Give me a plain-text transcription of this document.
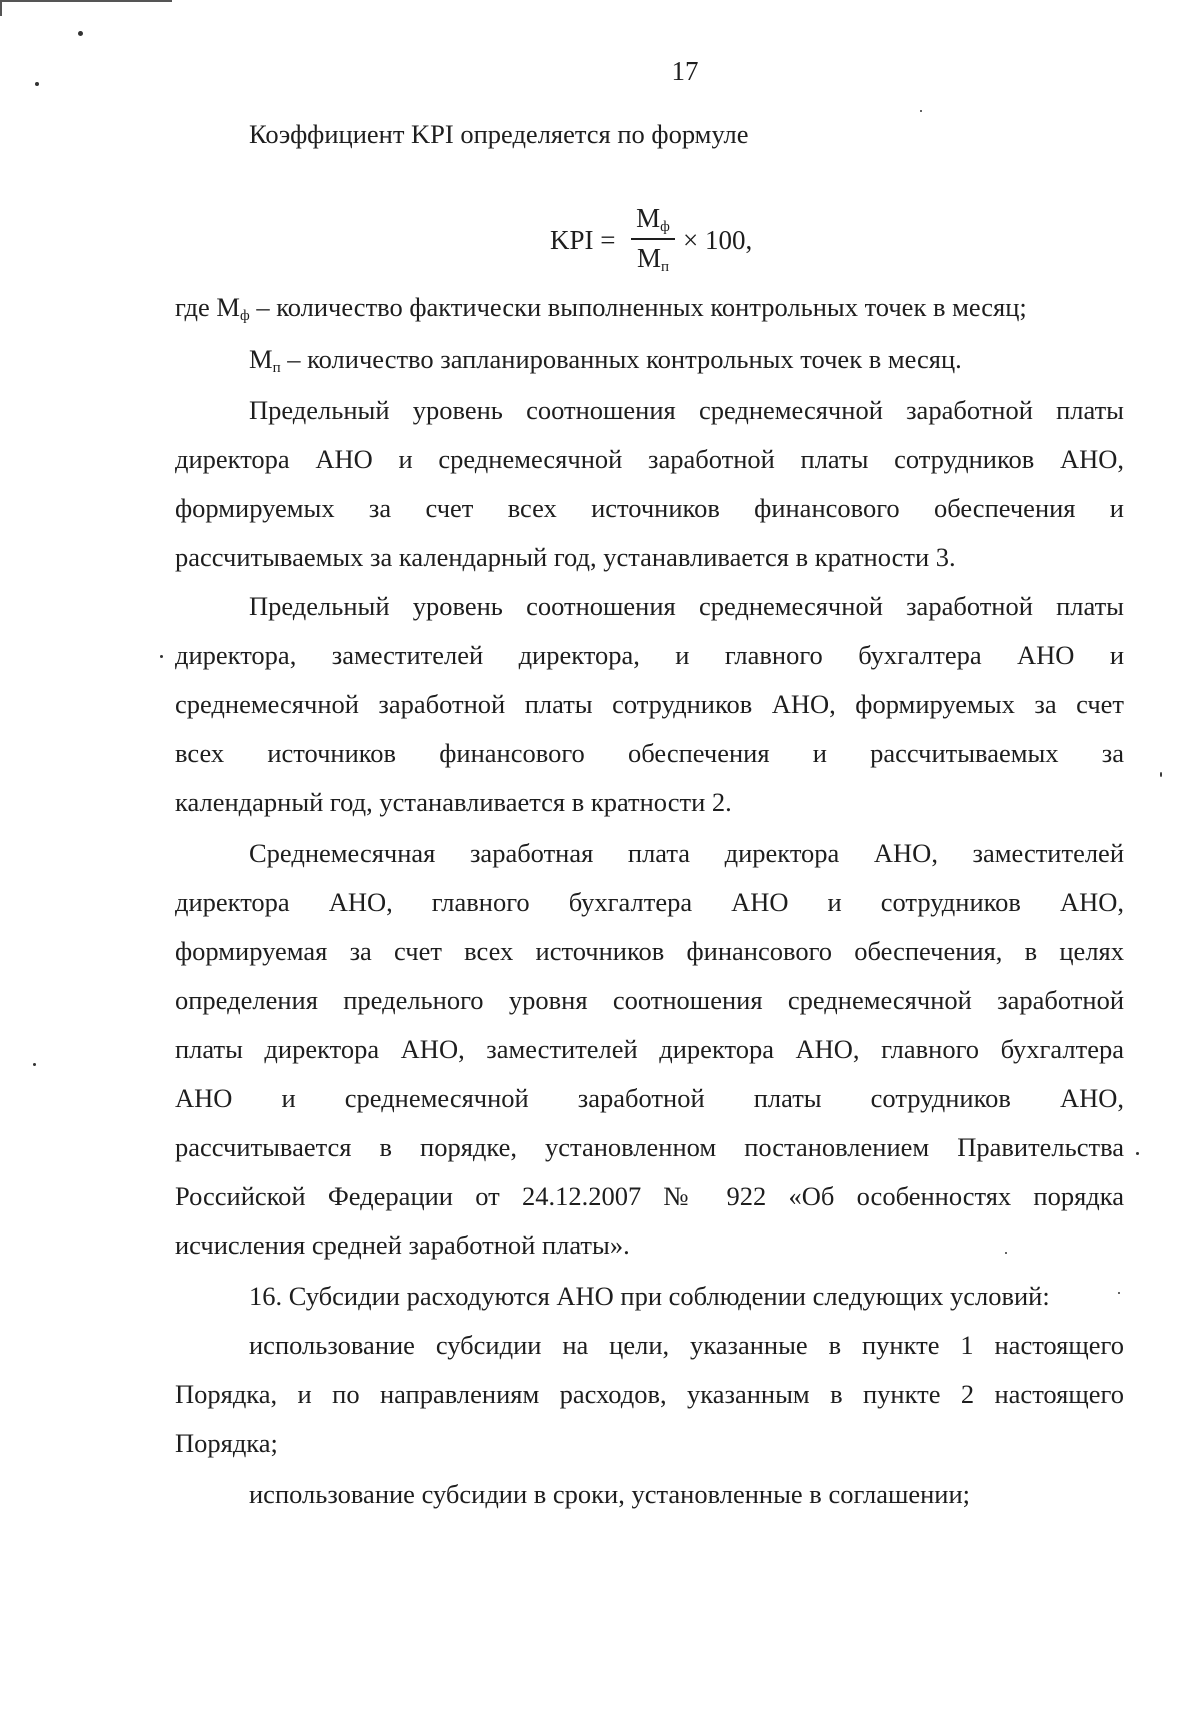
17
Коэффициент KPI определяется по формуле
KPI =
$М_ф$
$М_п$
× 100,
где $М_ф$ – количество фактически выполненных контрольных точек в месяц;
$М_п$ – количество запланированных контрольных точек в месяц.
Предельный уровень соотношения среднемесячной заработной платы
директора АНО и среднемесячной заработной платы сотрудников АНО,
формируемых за счет всех источников финансового обеспечения и
рассчитываемых за календарный год, устанавливается в кратности 3.
Предельный уровень соотношения среднемесячной заработной платы
директора, заместителей директора, и главного бухгалтера АНО и
среднемесячной заработной платы сотрудников АНО, формируемых за счет
всех источников финансового обеспечения и рассчитываемых за
календарный год, устанавливается в кратности 2.
Среднемесячная заработная плата директора АНО, заместителей
директора АНО, главного бухгалтера АНО и сотрудников АНО,
формируемая за счет всех источников финансового обеспечения, в целях
определения предельного уровня соотношения среднемесячной заработной
платы директора АНО, заместителей директора АНО, главного бухгалтера
АНО и среднемесячной заработной платы сотрудников АНО,
рассчитывается в порядке, установленном постановлением Правительства
Российской Федерации от 24.12.2007 № 922 «Об особенностях порядка
исчисления средней заработной платы».
16. Субсидии расходуются АНО при соблюдении следующих условий:
использование субсидии на цели, указанные в пункте 1 настоящего
Порядка, и по направлениям расходов, указанным в пункте 2 настоящего
Порядка;
использование субсидии в сроки, установленные в соглашении;
